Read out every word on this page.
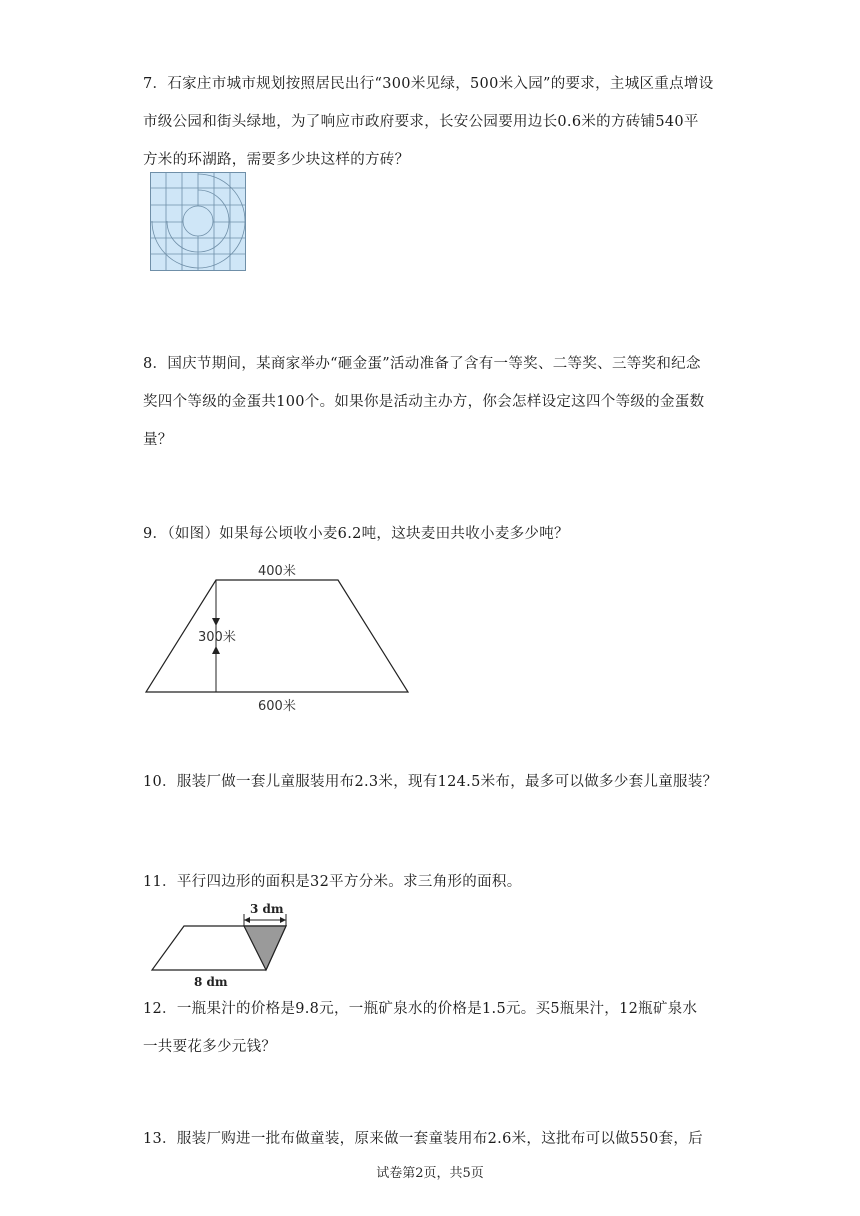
7．石家庄市城市规划按照居民出行“300米见绿，500米入园”的要求，主城区重点增设

市级公园和街头绿地，为了响应市政府要求，长安公园要用边长0.6米的方砖铺540平

方米的环湖路，需要多少块这样的方砖？

8．国庆节期间，某商家举办“砸金蛋”活动准备了含有一等奖、二等奖、三等奖和纪念

奖四个等级的金蛋共100个。如果你是活动主办方，你会怎样设定这四个等级的金蛋数

量？

9．（如图）如果每公顷收小麦6.2吨，这块麦田共收小麦多少吨？

400米
300米
600米

10．服装厂做一套儿童服装用布2.3米，现有124.5米布，最多可以做多少套儿童服装？

11．平行四边形的面积是32平方分米。求三角形的面积。

3 dm
8 dm

12．一瓶果汁的价格是9.8元，一瓶矿泉水的价格是1.5元。买5瓶果汁，12瓶矿泉水

一共要花多少元钱？

13．服装厂购进一批布做童装，原来做一套童装用布2.6米，这批布可以做550套，后

试卷第2页，共5页
